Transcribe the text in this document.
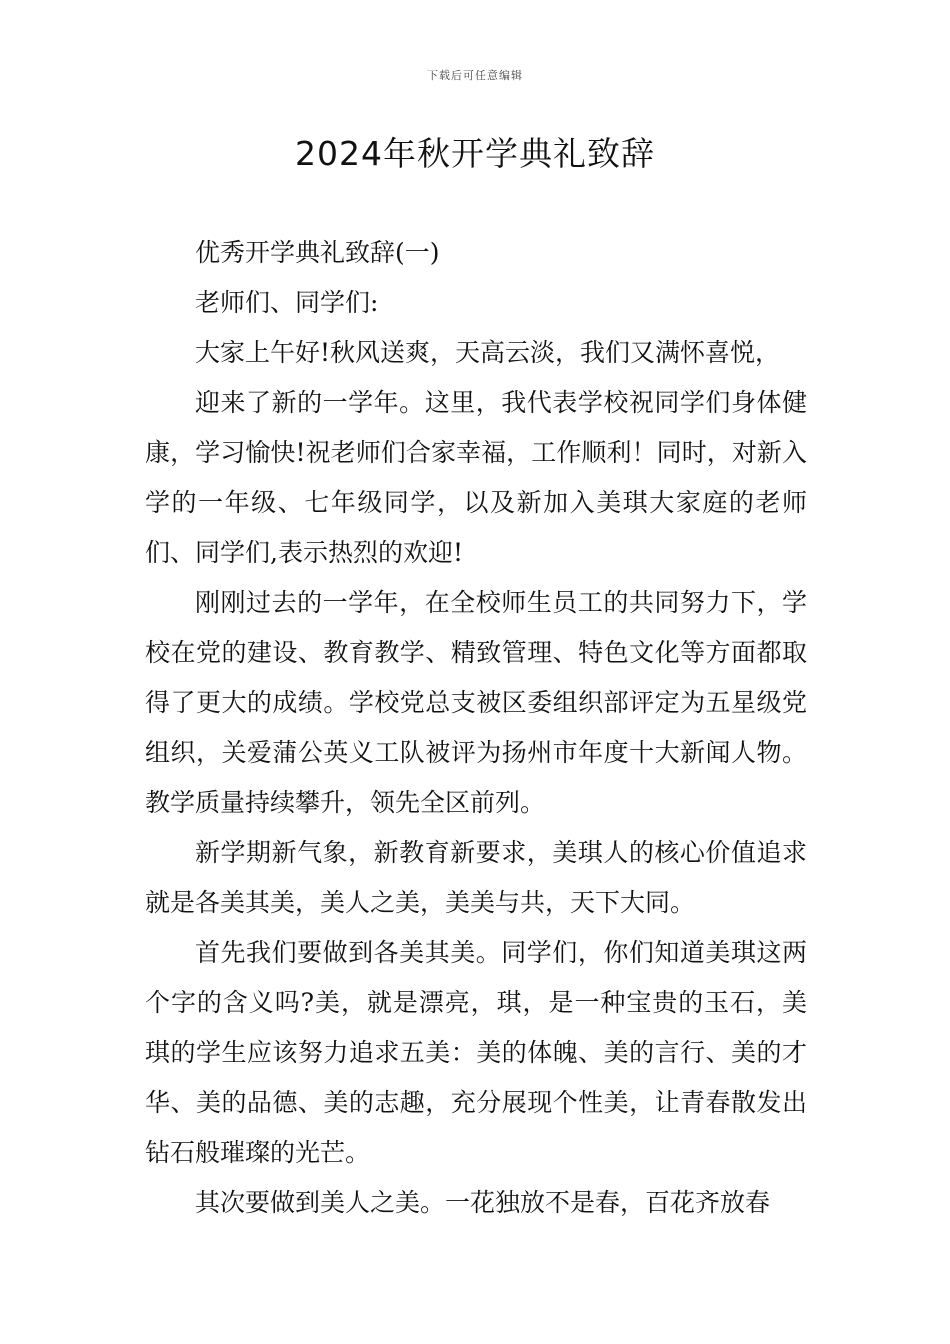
下载后可任意编辑
2024年秋开学典礼致辞

优秀开学典礼致辞(一)

老师们、同学们:

大家上午好!秋风送爽，天高云淡，我们又满怀喜悦，

迎来了新的一学年。这里，我代表学校祝同学们身体健康，学习愉快!祝老师们合家幸福，工作顺利！同时，对新入学的一年级、七年级同学，以及新加入美琪大家庭的老师们、同学们,表示热烈的欢迎!

刚刚过去的一学年，在全校师生员工的共同努力下，学校在党的建设、教育教学、精致管理、特色文化等方面都取得了更大的成绩。学校党总支被区委组织部评定为五星级党组织，关爱蒲公英义工队被评为扬州市年度十大新闻人物。教学质量持续攀升，领先全区前列。

新学期新气象，新教育新要求，美琪人的核心价值追求就是各美其美，美人之美，美美与共，天下大同。

首先我们要做到各美其美。同学们，你们知道美琪这两个字的含义吗?美，就是漂亮，琪，是一种宝贵的玉石，美琪的学生应该努力追求五美：美的体魄、美的言行、美的才华、美的品德、美的志趣，充分展现个性美，让青春散发出钻石般璀璨的光芒。

其次要做到美人之美。一花独放不是春，百花齐放春
